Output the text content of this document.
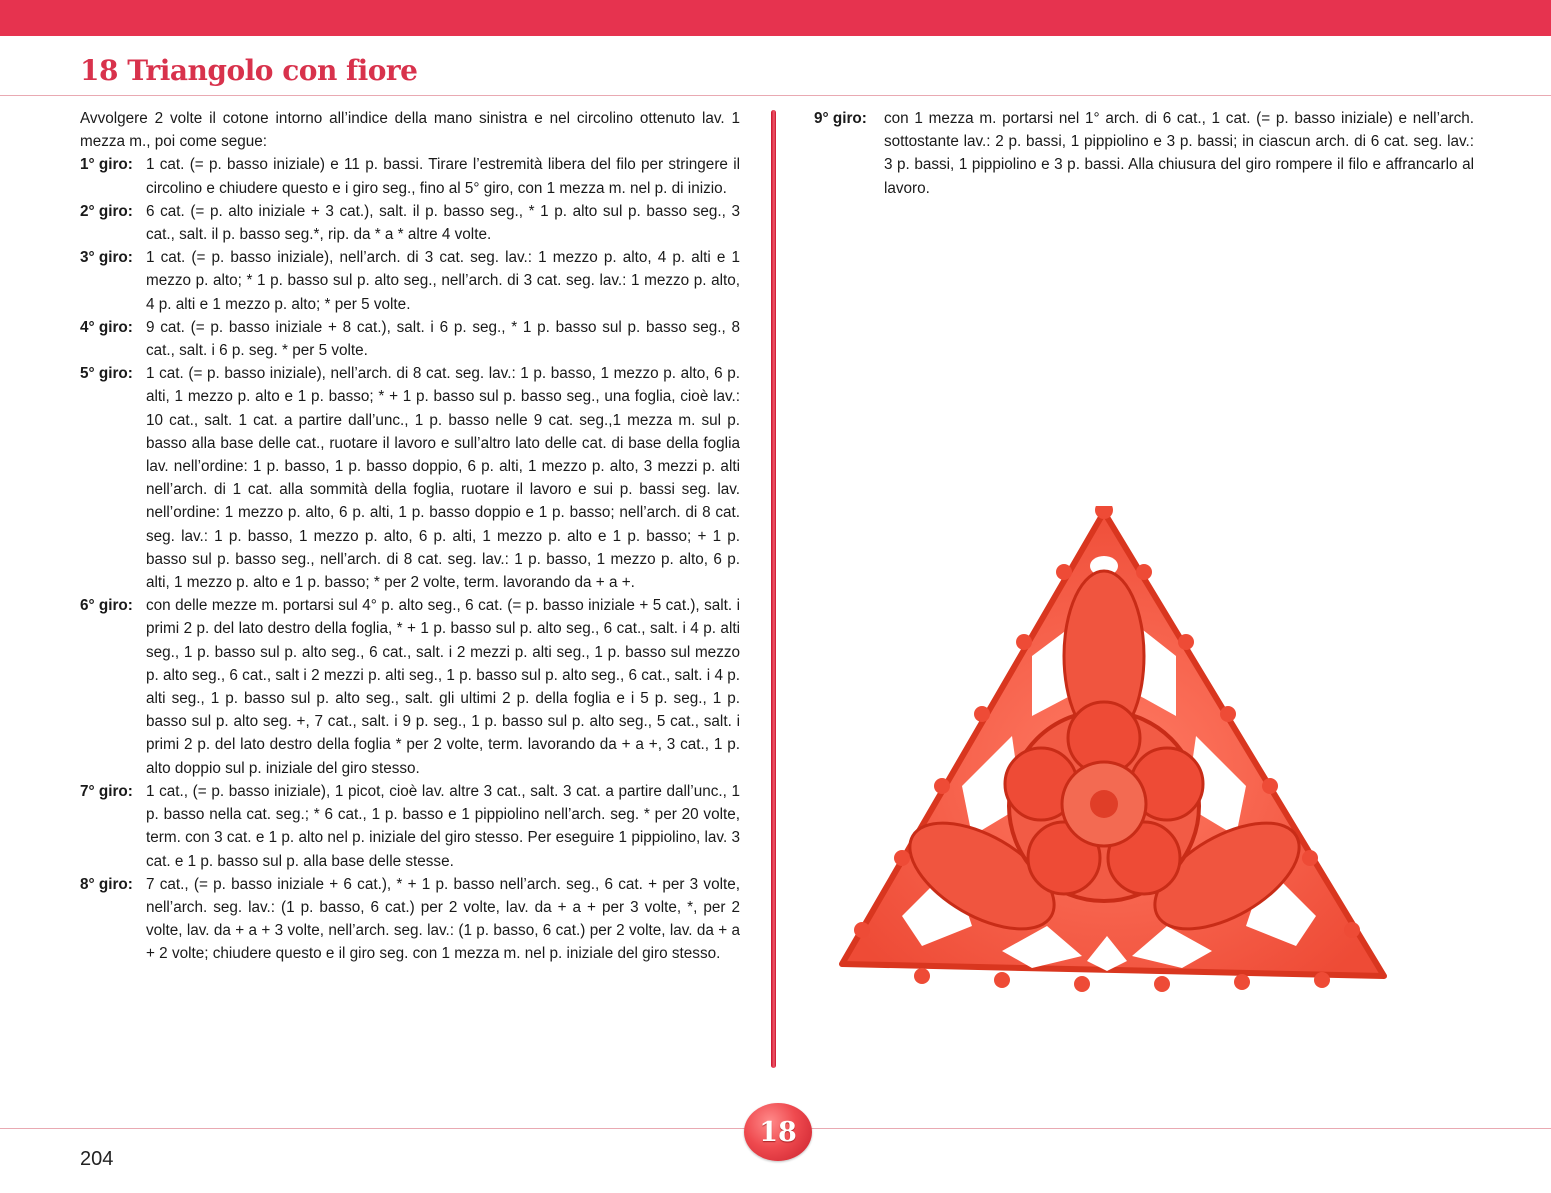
18 Triangolo con fiore

Avvolgere 2 volte il cotone intorno all’indice della mano sinistra e nel circolino ottenuto lav. 1 mezza m., poi come segue:

1° giro: 1 cat. (= p. basso iniziale) e 11 p. bassi. Tirare l’estremità libera del filo per stringere il circolino e chiudere questo e i giro seg., fino al 5° giro, con 1 mezza m. nel p. di inizio.
2° giro: 6 cat. (= p. alto iniziale + 3 cat.), salt. il p. basso seg., * 1 p. alto sul p. basso seg., 3 cat., salt. il p. basso seg.*, rip. da * a * altre 4 volte.
3° giro: 1 cat. (= p. basso iniziale), nell’arch. di 3 cat. seg. lav.: 1 mezzo p. alto, 4 p. alti e 1 mezzo p. alto; * 1 p. basso sul p. alto seg., nell’arch. di 3 cat. seg. lav.: 1 mezzo p. alto, 4 p. alti e 1 mezzo p. alto; * per 5 volte.
4° giro: 9 cat. (= p. basso iniziale + 8 cat.), salt. i 6 p. seg., * 1 p. basso sul p. basso seg., 8 cat., salt. i 6 p. seg. * per 5 volte.
5° giro: 1 cat. (= p. basso iniziale), nell’arch. di 8 cat. seg. lav.: 1 p. basso, 1 mezzo p. alto, 6 p. alti, 1 mezzo p. alto e 1 p. basso; * + 1 p. basso sul p. basso seg., una foglia, cioè lav.: 10 cat., salt. 1 cat. a partire dall’unc., 1 p. basso nelle 9 cat. seg.,1 mezza m. sul p. basso alla base delle cat., ruotare il lavoro e sull’altro lato delle cat. di base della foglia lav. nell’ordine: 1 p. basso, 1 p. basso doppio, 6 p. alti, 1 mezzo p. alto, 3 mezzi p. alti nell’arch. di 1 cat. alla sommità della foglia, ruotare il lavoro e sui p. bassi seg. lav. nell’ordine: 1 mezzo p. alto, 6 p. alti, 1 p. basso doppio e 1 p. basso; nell’arch. di 8 cat. seg. lav.: 1 p. basso, 1 mezzo p. alto, 6 p. alti, 1 mezzo p. alto e 1 p. basso; + 1 p. basso sul p. basso seg., nell’arch. di 8 cat. seg. lav.: 1 p. basso, 1 mezzo p. alto, 6 p. alti, 1 mezzo p. alto e 1 p. basso; * per 2 volte, term. lavorando da + a +.
6° giro: con delle mezze m. portarsi sul 4° p. alto seg., 6 cat. (= p. basso iniziale + 5 cat.), salt. i primi 2 p. del lato destro della foglia, * + 1 p. basso sul p. alto seg., 6 cat., salt. i 4 p. alti seg., 1 p. basso sul p. alto seg., 6 cat., salt. i 2 mezzi p. alti seg., 1 p. basso sul mezzo p. alto seg., 6 cat., salt i 2 mezzi p. alti seg., 1 p. basso sul p. alto seg., 6 cat., salt. i 4 p. alti seg., 1 p. basso sul p. alto seg., salt. gli ultimi 2 p. della foglia e i 5 p. seg., 1 p. basso sul p. alto seg. +, 7 cat., salt. i 9 p. seg., 1 p. basso sul p. alto seg., 5 cat., salt. i primi 2 p. del lato destro della foglia * per 2 volte, term. lavorando da + a +, 3 cat., 1 p. alto doppio sul p. iniziale del giro stesso.
7° giro: 1 cat., (= p. basso iniziale), 1 picot, cioè lav. altre 3 cat., salt. 3 cat. a partire dall’unc., 1 p. basso nella cat. seg.; * 6 cat., 1 p. basso e 1 pippiolino nell’arch. seg. * per 20 volte, term. con 3 cat. e 1 p. alto nel p. iniziale del giro stesso. Per eseguire 1 pippiolino, lav. 3 cat. e 1 p. basso sul p. alla base delle stesse.
8° giro: 7 cat., (= p. basso iniziale + 6 cat.), * + 1 p. basso nell’arch. seg., 6 cat. + per 3 volte, nell’arch. seg. lav.: (1 p. basso, 6 cat.) per 2 volte, lav. da + a + per 3 volte, *, per 2 volte, lav. da + a + 3 volte, nell’arch. seg. lav.: (1 p. basso, 6 cat.) per 2 volte, lav. da + a + 2 volte; chiudere questo e il giro seg. con 1 mezza m. nel p. iniziale del giro stesso.
9° giro:	con 1 mezza m. portarsi nel 1° arch. di 6 cat., 1 cat. (= p. basso iniziale) e nell’arch. sottostante lav.: 2 p. bassi, 1 pippiolino e 3 p. bassi; in ciascun arch. di 6 cat. seg. lav.: 3 p. bassi, 1 pippiolino e 3 p. bassi. Alla chiusura del giro rompere il filo e affrancarlo al lavoro.
204
18
